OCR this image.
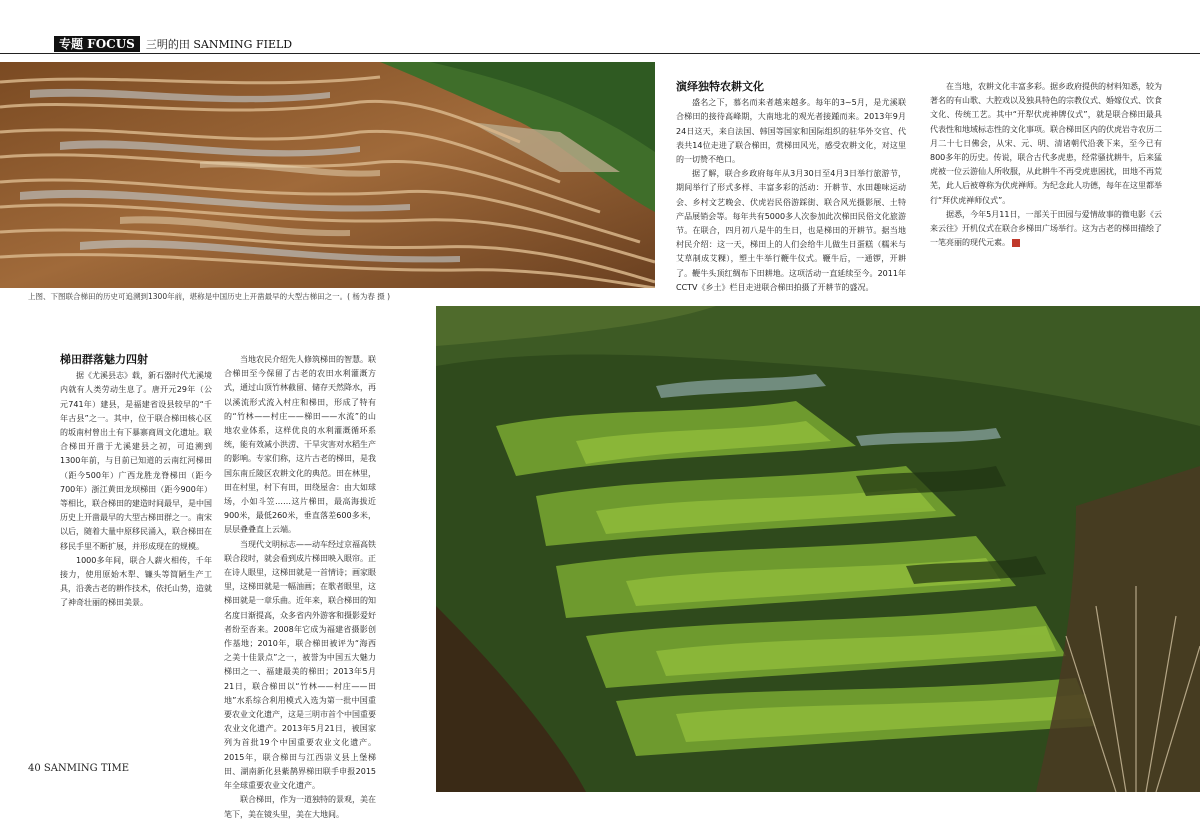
专题 FOCUS	三明的田 SANMING FIELD
上图、下图联合梯田的历史可追溯到1300年前，堪称是中国历史上开凿最早的大型古梯田之一。( 杨为春 摄 )
演绎独特农耕文化

盛名之下，慕名而来者越来越多。每年的3~5月，是尤溪联合梯田的接待高峰期，大南地北的观光者接踵而来。2013年9月24日这天，来自法国、韩国等国家和国际组织的驻华外交官、代表共14位走进了联合梯田，赏梯田风光，感受农耕文化，对这里的一切赞不绝口。

据了解，联合乡政府每年从3月30日至4月3日举行旅游节，期间举行了形式多样、丰富多彩的活动：开耕节、水田趣味运动会、乡村文艺晚会、伏虎岩民俗游踩街、联合风光摄影展、土特产品展销会等。每年共有5000多人次参加此次梯田民俗文化旅游节。在联合，四月初八是牛的生日，也是梯田的开耕节。据当地村民介绍：这一天，梯田上的人们会给牛儿做生日蛋糕（糯米与艾草制成艾粿），塑土牛举行鞭牛仪式。鞭牛后，一通锣，开耕了。鞭牛头顶红绸布下田耕地。这项活动一直延续至今。2011年CCTV《乡土》栏目走进联合梯田拍摄了开耕节的盛况。

在当地，农耕文化丰富多彩。据乡政府提供的材料知悉，较为著名的有山歌、大腔戏以及独具特色的宗教仪式、婚嫁仪式、饮食文化、传统工艺。其中“开犁伏虎神牌仪式”，就是联合梯田最具代表性和地域标志性的文化事项。联合梯田区内的伏虎岩寺农历二月二十七日佛会，从宋、元、明、清诸朝代沿袭下来，至今已有800多年的历史。传说，联合古代多虎患，经常骚扰耕牛，后来猛虎被一位云游仙人所收服，从此耕牛不再受虎患困扰，田地不再荒芜，此人后被尊称为伏虎禅师。为纪念此人功德，每年在这里都举行“拜伏虎禅师仪式”。

据悉，今年5月11日，一部关于田园与爱情故事的微电影《云来云往》开机仪式在联合乡梯田广场举行。这为古老的梯田描绘了一笔亮丽的现代元素。

梯田群落魅力四射

据《尤溪县志》载，新石器时代尤溪境内就有人类劳动生息了。唐开元29年（公元741年）建县，是福建省设县较早的“千年古县”之一。其中，位于联合梯田核心区的坂南村曾出土有下暴寨商周文化遗址。联合梯田开凿于尤溪建县之初，可追溯到1300年前，与目前已知道的云南红河梯田（距今500年）广西龙胜龙脊梯田（距今700年）浙江黄田龙坝梯田（距今900年）等相比，联合梯田的建造时间最早，是中国历史上开凿最早的大型古梯田群之一。南宋以后，随着大量中原移民涌入，联合梯田在移民手里不断扩展，并形成现在的规模。

1000多年间，联合人薪火相传，千年接力，使用原始木犁、镰头等简陋生产工具，沿袭古老的耕作技术，依托山势，造就了神奇壮丽的梯田美景。

当地农民介绍先人修筑梯田的智慧。联合梯田至今保留了古老的农田水利灌溉方式，通过山顶竹林截留、储存天然降水，再以溪流形式流入村庄和梯田，形成了特有的“竹林——村庄——梯田——水流”的山地农业体系，这样优良的水利灌溉循环系统，能有效减小洪涝、干旱灾害对水稻生产的影响。专家们称，这片古老的梯田，是我国东南丘陵区农耕文化的典范。田在林里，田在村里，村下有田，田绕屋舍：由大如球场，小如斗笠……这片梯田，最高海拔近900米，最低260米，垂直落差600多米，层层叠叠直上云端。

当现代文明标志——动车经过京福高铁联合段时，就会看到成片梯田映入眼帘。正在诗人眼里，这梯田就是一首情诗；画家眼里，这梯田就是一幅油画；在歌者眼里，这梯田就是一章乐曲。近年来，联合梯田的知名度日渐提高，众多省内外游客和摄影爱好者纷至沓来。2008年它成为福建省摄影创作基地；2010年，联合梯田被评为“海西之美十佳景点”之一，被誉为中国五大魅力梯田之一、福建最美的梯田；2013年5月21日，联合梯田以“竹林——村庄——田地”水系综合利用模式入选为第一批中国重要农业文化遗产，这是三明市首个中国重要农业文化遗产。2013年5月21日，被国家列为首批19个中国重要农业文化遗产。2015年，联合梯田与江西崇义县上堡梯田、湖南新化县紫鹊界梯田联手申报2015年全球重要农业文化遗产。

联合梯田，作为一道独特的景观，美在笔下，美在镜头里，美在大地间。

40 SANMING TIME
